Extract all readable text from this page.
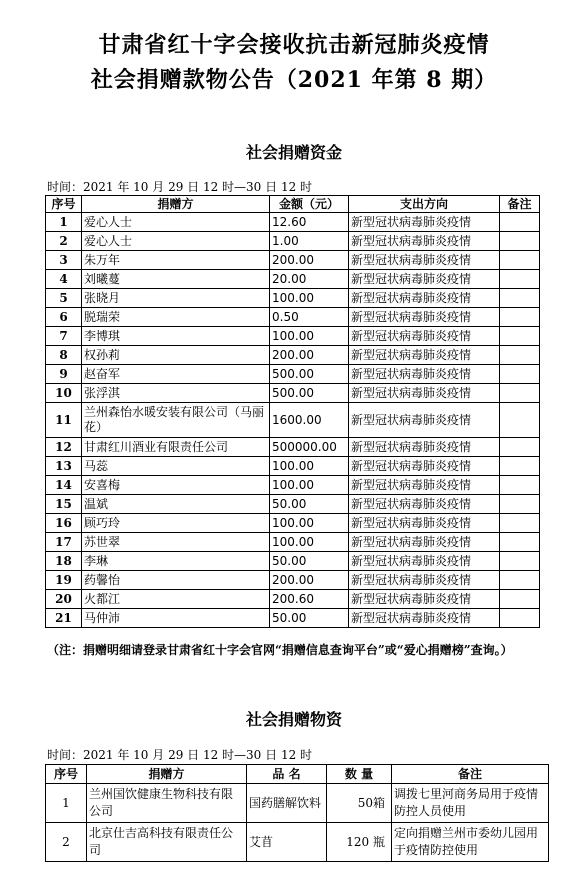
甘肃省红十字会接收抗击新冠肺炎疫情
社会捐赠款物公告（2021 年第 8 期）
社会捐赠资金
时间：2021 年 10 月 29 日 12 时—30 日 12 时
序号	捐赠方	金额（元）	支出方向	备注
1	爱心人士	12.60	新型冠状病毒肺炎疫情	
2	爱心人士	1.00	新型冠状病毒肺炎疫情	
3	朱万年	200.00	新型冠状病毒肺炎疫情	
4	刘曦蔓	20.00	新型冠状病毒肺炎疫情	
5	张晓月	100.00	新型冠状病毒肺炎疫情	
6	脱瑞荣	0.50	新型冠状病毒肺炎疫情	
7	李博琪	100.00	新型冠状病毒肺炎疫情	
8	权孙莉	200.00	新型冠状病毒肺炎疫情	
9	赵奋军	500.00	新型冠状病毒肺炎疫情	
10	张浮淇	500.00	新型冠状病毒肺炎疫情	
11	兰州森怡水暖安装有限公司（马丽花）	1600.00	新型冠状病毒肺炎疫情	
12	甘肃红川酒业有限责任公司	500000.00	新型冠状病毒肺炎疫情	
13	马蕊	100.00	新型冠状病毒肺炎疫情	
14	安喜梅	100.00	新型冠状病毒肺炎疫情	
15	温斌	50.00	新型冠状病毒肺炎疫情	
16	顾巧玲	100.00	新型冠状病毒肺炎疫情	
17	苏世翠	100.00	新型冠状病毒肺炎疫情	
18	李琳	50.00	新型冠状病毒肺炎疫情	
19	药馨怡	200.00	新型冠状病毒肺炎疫情	
20	火都江	200.60	新型冠状病毒肺炎疫情	
21	马仲沛	50.00	新型冠状病毒肺炎疫情	
（注：捐赠明细请登录甘肃省红十字会官网“捐赠信息查询平台”或“爱心捐赠榜”查询。）
社会捐赠物资
时间：2021 年 10 月 29 日 12 时—30 日 12 时
序号	捐赠方	品 名	数 量	备注
1	兰州国饮健康生物科技有限公司	国药膳解饮料	50箱	调拨七里河商务局用于疫情防控人员使用
2	北京仕吉高科技有限责任公司	艾苜	120 瓶	定向捐赠兰州市委幼儿园用于疫情防控使用
